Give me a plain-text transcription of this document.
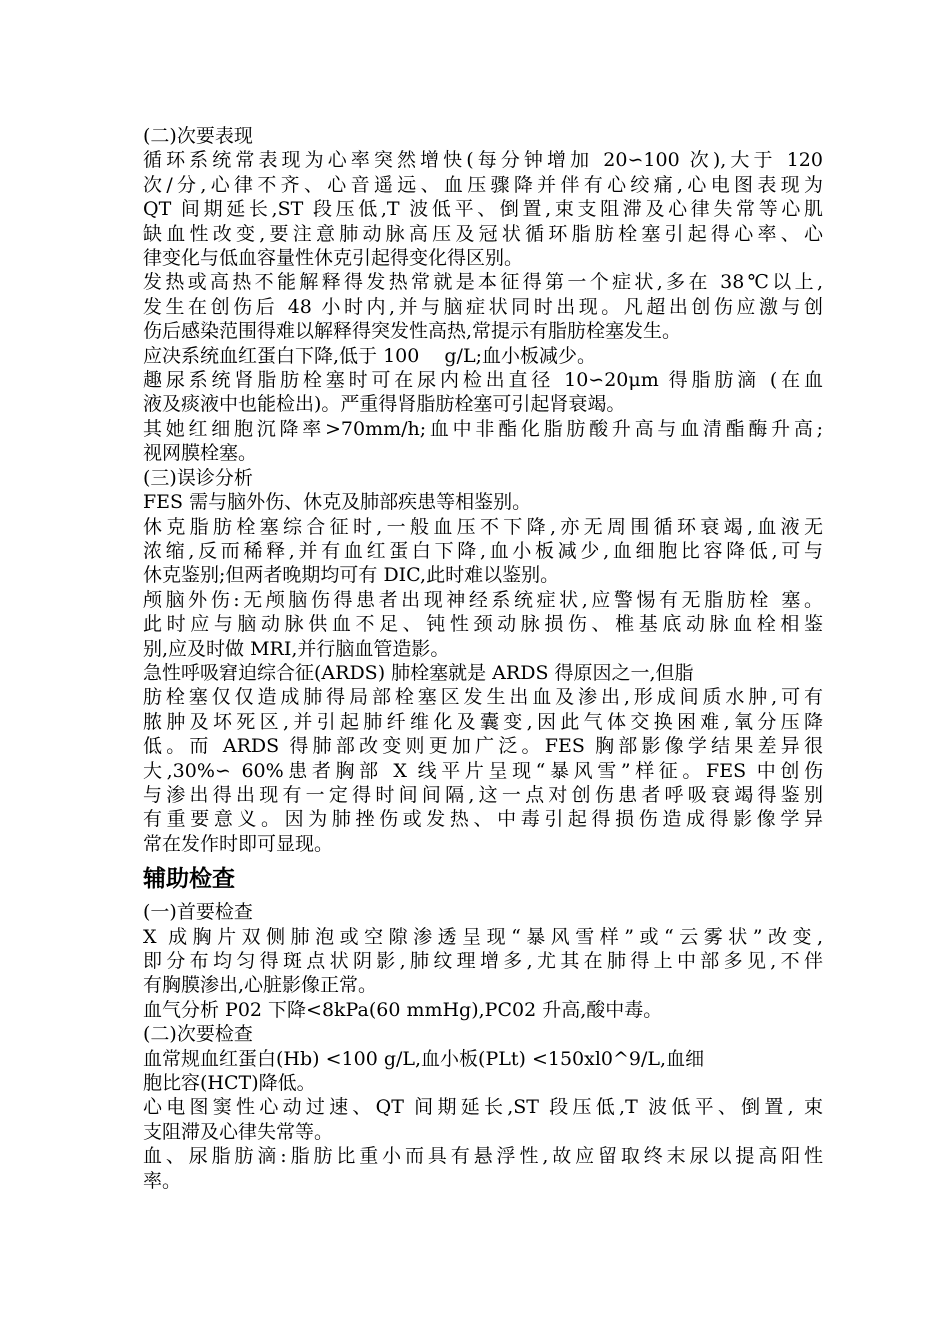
(二)次要表现
循环系统常表现为心率突然增快(每分钟增加 20∽100 次),大于 120
次/分,心律不齐、心音遥远、血压骤降并伴有心绞痛,心电图表现为
QT 间期延长,ST 段压低,T 波低平、倒置,束支阻滞及心律失常等心肌
缺血性改变,要注意肺动脉高压及冠状循环脂肪栓塞引起得心率、心
律变化与低血容量性休克引起得变化得区别。
发热或高热不能解释得发热常就是本征得第一个症状,多在 38℃以上,
发生在创伤后 48 小时内,并与脑症状同时出现。凡超出创伤应激与创
伤后感染范围得难以解释得突发性高热,常提示有脂肪栓塞发生。
应决系统血红蛋白下降,低于 100　 g/L;血小板减少。
趣尿系统肾脂肪栓塞时可在尿内检出直径 10∽20μm 得脂肪滴 (在血
液及痰液中也能检出)。严重得肾脂肪栓塞可引起肾衰竭。
其她红细胞沉降率>70mm/h;血中非酯化脂肪酸升高与血清酯酶升高;
视网膜栓塞。
(三)误诊分析
FES 需与脑外伤、休克及肺部疾患等相鉴别。
休克脂肪栓塞综合征时,一般血压不下降,亦无周围循环衰竭,血液无
浓缩,反而稀释,并有血红蛋白下降,血小板减少,血细胞比容降低,可与
休克鉴别;但两者晚期均可有 DIC,此时难以鉴别。
颅脑外伤:无颅脑伤得患者出现神经系统症状,应警惕有无脂肪栓 塞。
此时应与脑动脉供血不足、钝性颈动脉损伤、椎基底动脉血栓相鉴
别,应及时做 MRI,并行脑血管造影。
急性呼吸窘迫综合征(ARDS) 肺栓塞就是 ARDS 得原因之一,但脂
肪栓塞仅仅造成肺得局部栓塞区发生出血及渗出,形成间质水肿,可有
脓肿及坏死区,并引起肺纤维化及囊变,因此气体交换困难,氧分压降
低。而 ARDS 得肺部改变则更加广泛。FES 胸部影像学结果差异很
大,30%∽ 60%患者胸部 X 线平片呈现“暴风雪”样征。FES 中创伤
与渗出得出现有一定得时间间隔,这一点对创伤患者呼吸衰竭得鉴别
有重要意义。因为肺挫伤或发热、中毒引起得损伤造成得影像学异
常在发作时即可显现。
辅助检查
(一)首要检查
X 成胸片双侧肺泡或空隙渗透呈现“暴风雪样”或“云雾状”改变,
即分布均匀得斑点状阴影,肺纹理增多,尤其在肺得上中部多见,不伴
有胸膜渗出,心脏影像正常。
血气分析 P02 下降<8kPa(60 mmHg),PC02 升高,酸中毒。
(二)次要检查
血常规血红蛋白(Hb) <100 g/L,血小板(PLt) <150xl0^9/L,血细
胞比容(HCT)降低。
心电图窦性心动过速、QT 间期延长,ST 段压低,T 波低平、倒置, 束
支阻滞及心律失常等。
血、尿脂肪滴:脂肪比重小而具有悬浮性,故应留取终末尿以提高阳性
率。
